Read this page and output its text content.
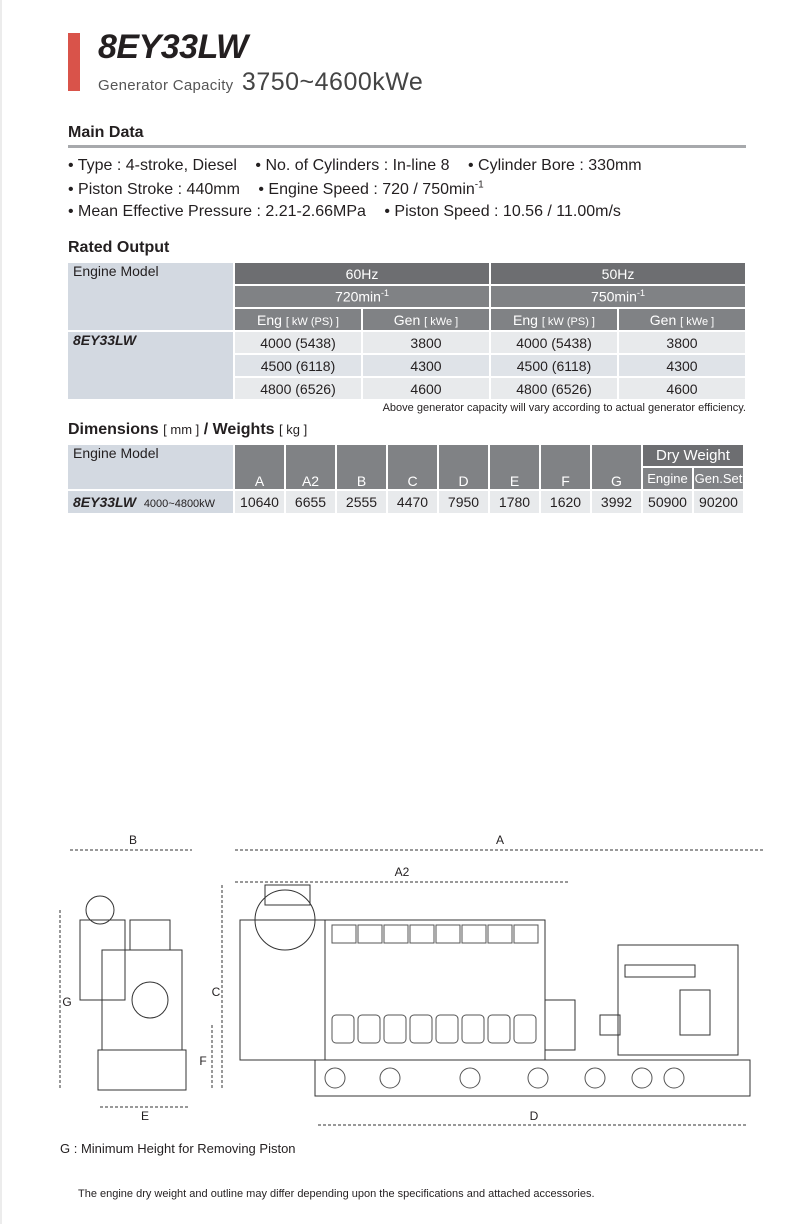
8EY33LW
Generator Capacity 3750~4600kWe
Main Data
• Type : 4-stroke, Diesel • No. of Cylinders : In-line 8 • Cylinder Bore : 330mm
• Piston Stroke : 440mm • Engine Speed : $720 / 750\min^{-1}$
• Mean Effective Pressure : 2.21-2.66MPa • Piston Speed : 10.56 / 11.00m/s
Rated Output
Engine Model	60Hz		50Hz	
	$720\min^{-1}$		$750\min^{-1}$
	Eng [ kW (PS) ]	Gen [ kWe ]	Eng [ kW (PS) ]	Gen [ kWe ]
8EY33LW	4000 (5438)	3800	4000 (5438)	3800
	4500 (6118)	4300	4500 (6118)	4300
	4800 (6526)	4600	4800 (6526)	4600
Above generator capacity will vary according to actual generator efficiency.
Dimensions [ mm ] / Weights [ kg ]
Engine Model	A	A2	B	C	D	E	F	G	Dry Weight	
									Engine	Gen.Set
8EY33LW 4000~4800kW	10640	6655	2555	4470	7950	1780	1620	3992	50900	90200
B	A
A2
C
G
F
E	D
G : Minimum Height for Removing Piston
The engine dry weight and outline may differ depending upon the specifications and attached accessories.
